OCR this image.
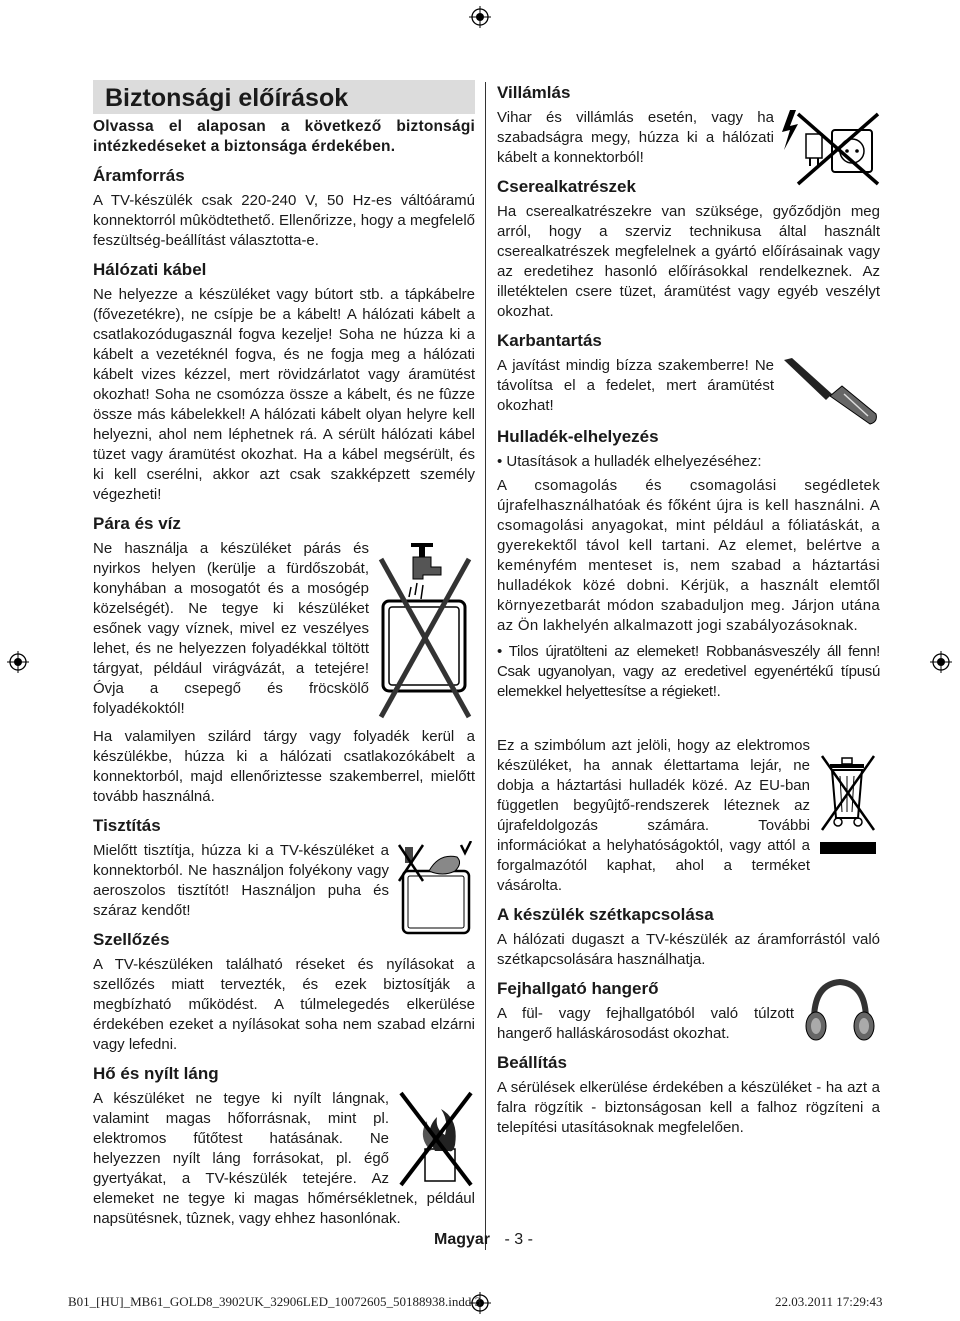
Biztonsági előírások
Olvassa el alaposan a következő biztonsági intézkedéseket a biztonsága érdekében.
Áramforrás

A TV-készülék csak 220-240 V, 50 Hz-es váltóáramú konnektorról mûködtethető. Ellenőrizze, hogy a megfelelő feszültség-beállítást választotta-e.

Hálózati kábel

Ne helyezze a készüléket vagy bútort stb. a tápkábelre (fővezetékre), ne csípje be a kábelt! A hálózati kábelt a csatlakozódugasznál fogva kezelje! Soha ne húzza ki a kábelt a vezetéknél fogva, és ne fogja meg a hálózati kábelt vizes kézzel, mert rövidzárlatot vagy áramütést okozhat! Soha ne csomózza össze a kábelt, és ne fûzze össze más kábelekkel! A hálózati kábelt olyan helyre kell helyezni, ahol nem léphetnek rá. A sérült hálózati kábel tüzet vagy áramütést okozhat. Ha a kábel megsérült, és ki kell cserélni, akkor azt csak szakképzett személy végezheti!

Pára és víz

Ne használja a készüléket párás és nyirkos helyen (kerülje a fürdőszobát, konyhában a mosogatót és a mosógép közelségét). Ne tegye ki készüléket esőnek vagy víznek, mivel ez veszélyes lehet, és ne helyezzen folyadékkal töltött tárgyat, például virágvázát, a tetejére! Óvja a csepegő és fröcskölő folyadékoktól!

Ha valamilyen szilárd tárgy vagy folyadék kerül a készülékbe, húzza ki a hálózati csatlakozókábelt a konnektorból, majd ellenőriztesse szakemberrel, mielőtt tovább használná.

Tisztítás

Mielőtt tisztítja, húzza ki a TV-készüléket a konnektorból. Ne használjon folyékony vagy aeroszolos tisztítót! Használjon puha és száraz kendőt!

Szellőzés

A TV-készüléken található réseket és nyílásokat a szellőzés miatt tervezték, és ezek biztosítják a megbízható működést. A túlmelegedés elkerülése érdekében ezeket a nyílásokat soha nem szabad elzárni vagy lefedni.

Hő és nyílt láng

A készüléket ne tegye ki nyílt lángnak, valamint magas hőforrásnak, mint pl. elektromos fűtőtest hatásának. Ne helyezzen nyílt láng forrásokat, pl. égő gyertyákat, a TV-készülék tetejére. Az elemeket ne tegye ki magas hőmérsékletnek, például napsütésnek, tûznek, vagy ehhez hasonlónak.

Villámlás

Vihar és villámlás esetén, vagy ha szabadságra megy, húzza ki a hálózati kábelt a konnektorból!

Cserealkatrészek

Ha cserealkatrészekre van szüksége, győződjön meg arról, hogy a szerviz technikusa által használt cserealkatrészek megfelelnek a gyártó előírásainak vagy az eredetihez hasonló előírásokkal rendelkeznek. Az illetéktelen csere tüzet, áramütést vagy egyéb veszélyt okozhat.

Karbantartás

A javítást mindig bízza szakemberre! Ne távolítsa el a fedelet, mert áramütést okozhat!

Hulladék-elhelyezés
• Utasítások a hulladék elhelyezéséhez:

A csomagolás és csomagolási segédletek újrafelhasználhatóak és főként újra is kell használni. A csomagolási anyagokat, mint például a fóliatáskát, a gyerekektől távol kell tartani. Az elemet, belértve a keményfém menteset is, nem szabad a háztartási hulladékok közé dobni. Kérjük, a használt elemtől környezetbarát módon szabaduljon meg. Járjon utána az Ön lakhelyén alkalmazott jogi szabályozásoknak.

• Tilos újratölteni az elemeket! Robbanásveszély áll fenn! Csak ugyanolyan, vagy az eredetivel egyenértékű típusú elemekkel helyettesítse a régieket!.

Ez a szimbólum azt jelöli, hogy az elektromos készüléket, ha annak élettartama lejár, ne dobja a háztartási hulladék közé. Az EU-ban független begyûjtő-rendszerek léteznek az újrafeldolgozás számára. További információkat a helyhatóságoktól, vagy attól a forgalmazótól kaphat, ahol a terméket vásárolta.

A készülék szétkapcsolása

A hálózati dugaszt a TV-készülék az áramforrástól való szétkapcsolására használhatja.

Fejhallgató hangerő

A fül- vagy fejhallgatóból való túlzott hangerő halláskárosodást okozhat.

Beállítás

A sérülések elkerülése érdekében a készüléket - ha azt a falra rögzítik - biztonságosan kell a falhoz rögzíteni a telepítési utasításoknak megfelelően.

Magyar - 3 -
B01_[HU]_MB61_GOLD8_3902UK_32906LED_10072605_50188938.indd 3	22.03.2011 17:29:43
